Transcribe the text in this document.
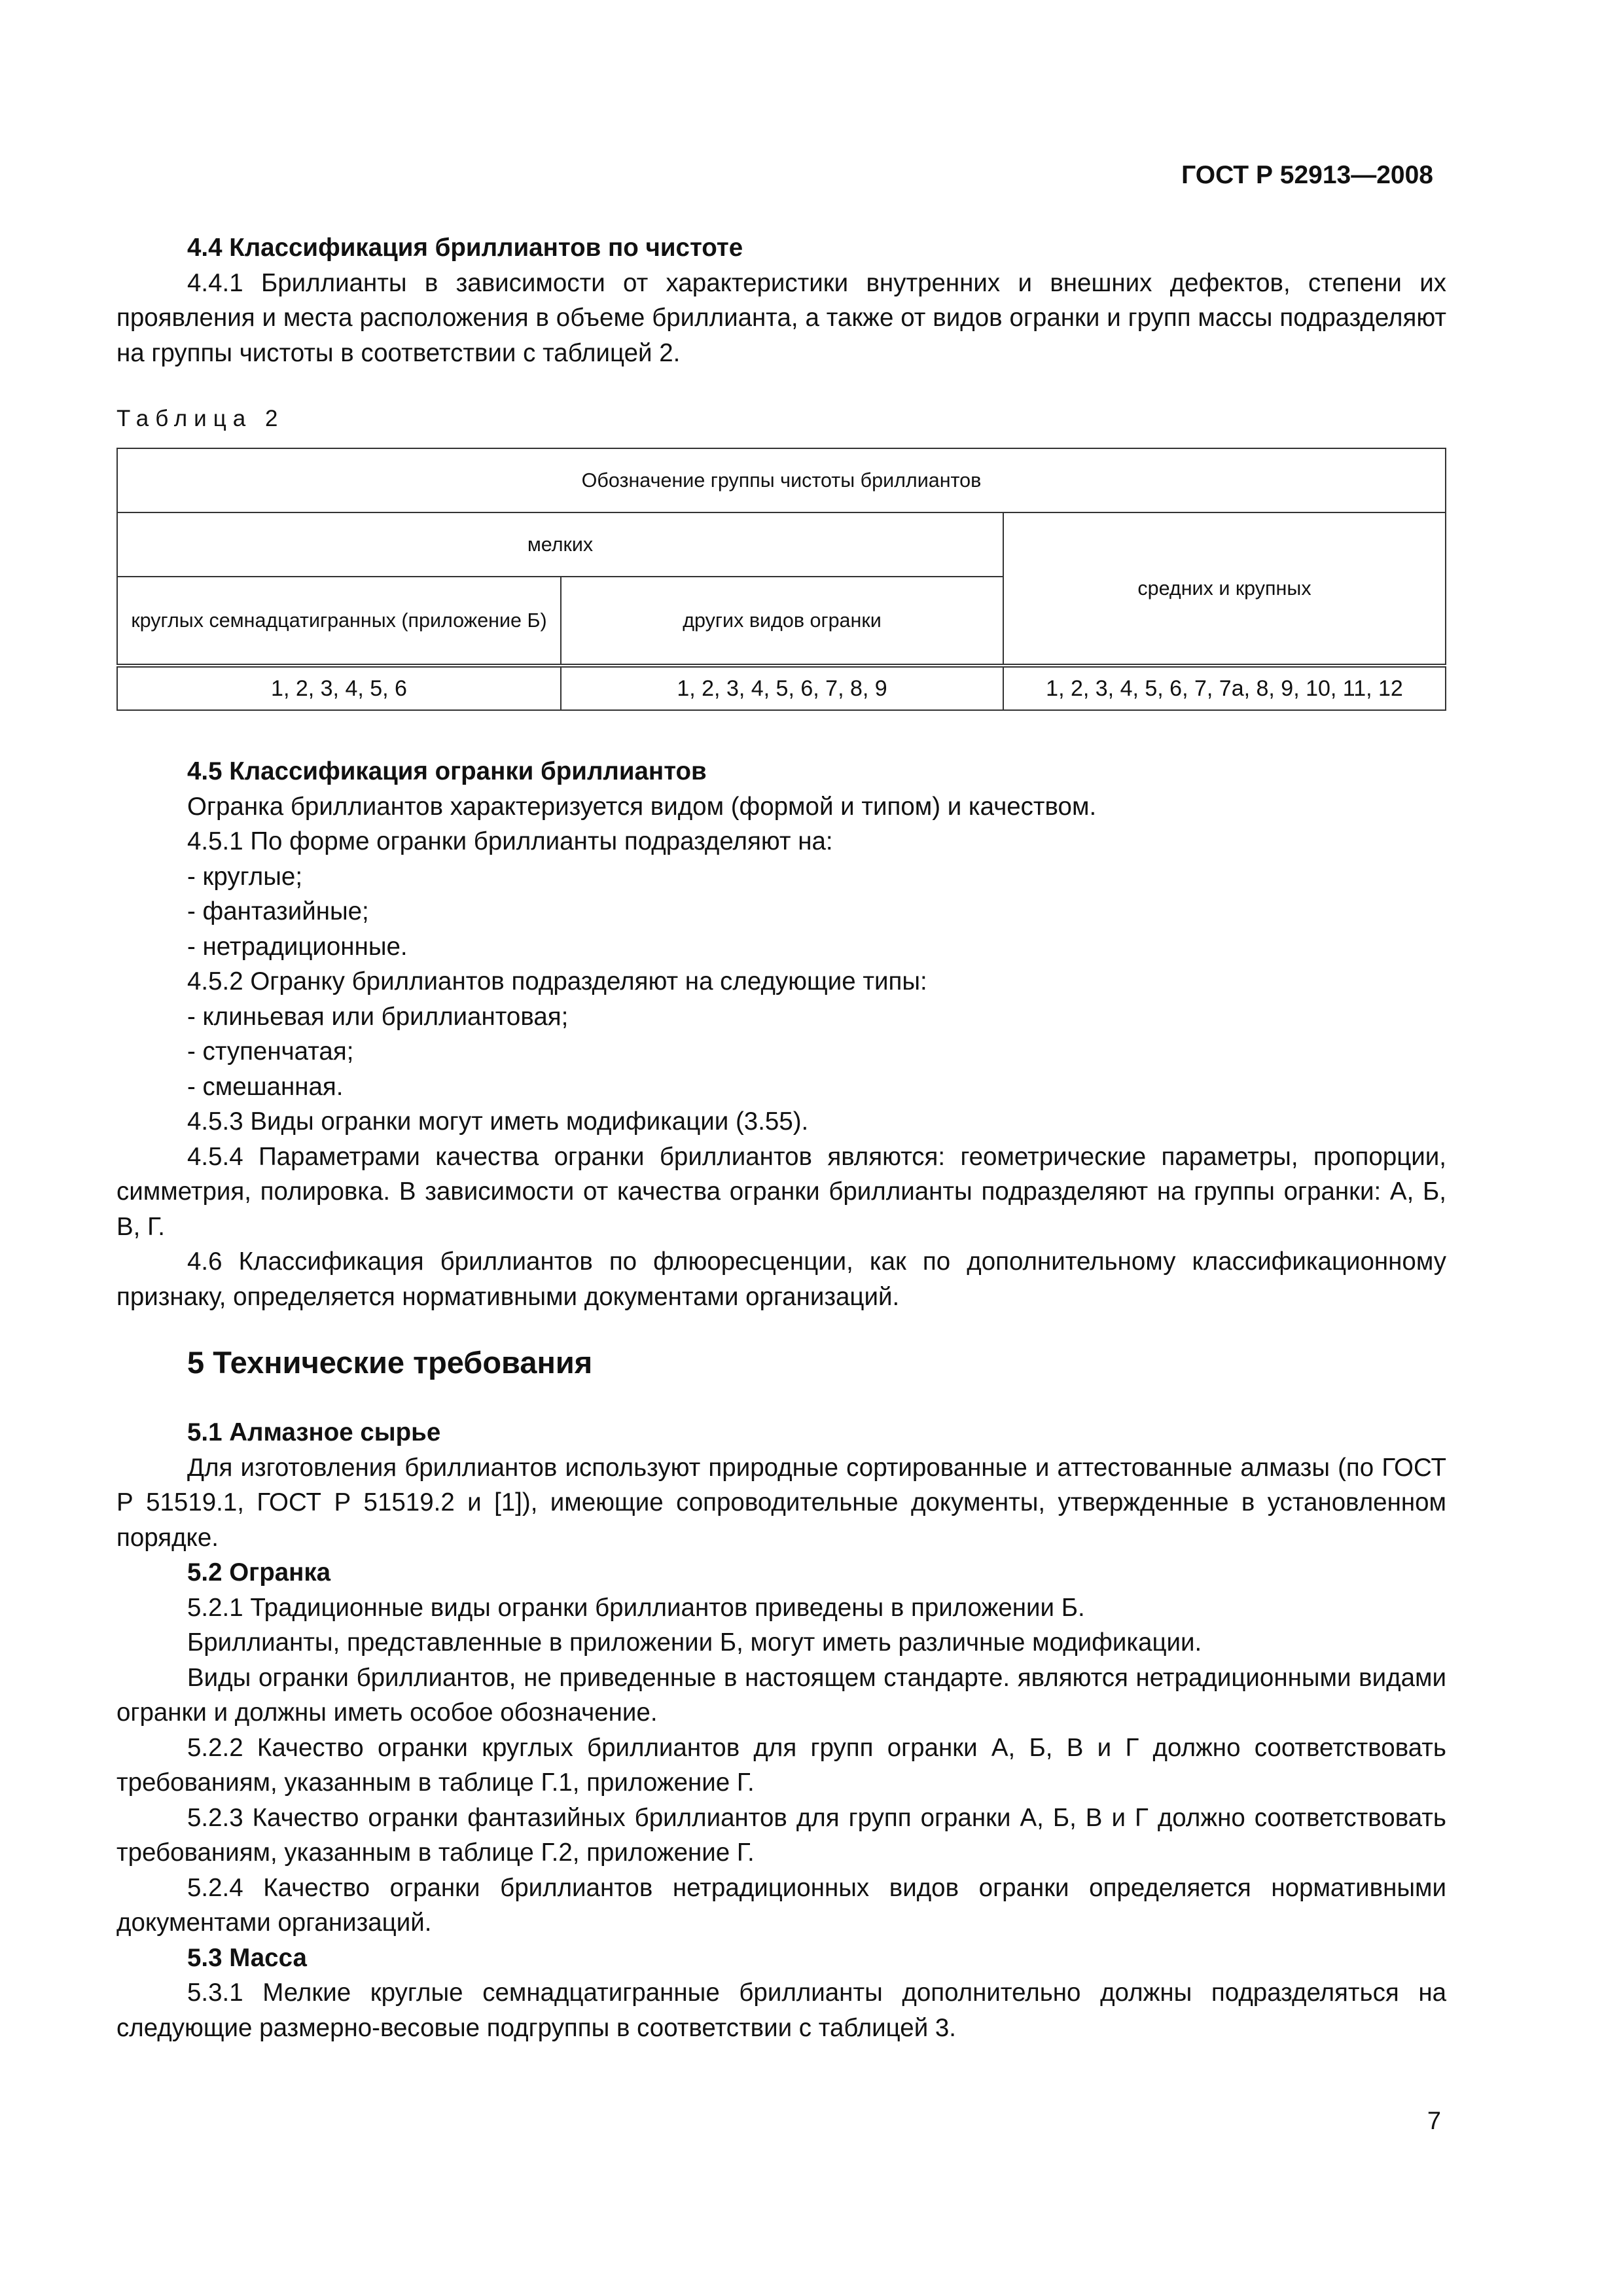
ГОСТ Р 52913—2008
4.4 Классификация бриллиантов по чистоте

4.4.1 Бриллианты в зависимости от характеристики внутренних и внешних дефектов, степени их проявления и места расположения в объеме бриллианта, а также от видов огранки и групп массы подразделяют на группы чистоты в соответствии с таблицей 2.

Таблица 2
Обозначение группы чистоты бриллиантов		
мелких		средних и крупных
круглых семнадцатигранных (приложение Б)	других видов огранки	
1, 2, 3, 4, 5, 6	1, 2, 3, 4, 5, 6, 7, 8, 9	1, 2, 3, 4, 5, 6, 7, 7а, 8, 9, 10, 11, 12
4.5 Классификация огранки бриллиантов

Огранка бриллиантов характеризуется видом (формой и типом) и качеством.

4.5.1 По форме огранки бриллианты подразделяют на:

- круглые;

- фантазийные;

- нетрадиционные.

4.5.2 Огранку бриллиантов подразделяют на следующие типы:

- клиньевая или бриллиантовая;

- ступенчатая;

- смешанная.

4.5.3 Виды огранки могут иметь модификации (3.55).

4.5.4 Параметрами качества огранки бриллиантов являются: геометрические параметры, пропорции, симметрия, полировка. В зависимости от качества огранки бриллианты подразделяют на группы огранки: А, Б, В, Г.

4.6 Классификация бриллиантов по флюоресценции, как по дополнительному классификационному признаку, определяется нормативными документами организаций.

5 Технические требования
5.1 Алмазное сырье

Для изготовления бриллиантов используют природные сортированные и аттестованные алмазы (по ГОСТ Р 51519.1, ГОСТ Р 51519.2 и [1]), имеющие сопроводительные документы, утвержденные в установленном порядке.

5.2 Огранка

5.2.1 Традиционные виды огранки бриллиантов приведены в приложении Б.

Бриллианты, представленные в приложении Б, могут иметь различные модификации.

Виды огранки бриллиантов, не приведенные в настоящем стандарте. являются нетрадиционными видами огранки и должны иметь особое обозначение.

5.2.2 Качество огранки круглых бриллиантов для групп огранки А, Б, В и Г должно соответствовать требованиям, указанным в таблице Г.1, приложение Г.

5.2.3 Качество огранки фантазийных бриллиантов для групп огранки А, Б, В и Г должно соответствовать требованиям, указанным в таблице Г.2, приложение Г.

5.2.4 Качество огранки бриллиантов нетрадиционных видов огранки определяется нормативными документами организаций.

5.3 Масса

5.3.1 Мелкие круглые семнадцатигранные бриллианты дополнительно должны подразделяться на следующие размерно-весовые подгруппы в соответствии с таблицей 3.

7
